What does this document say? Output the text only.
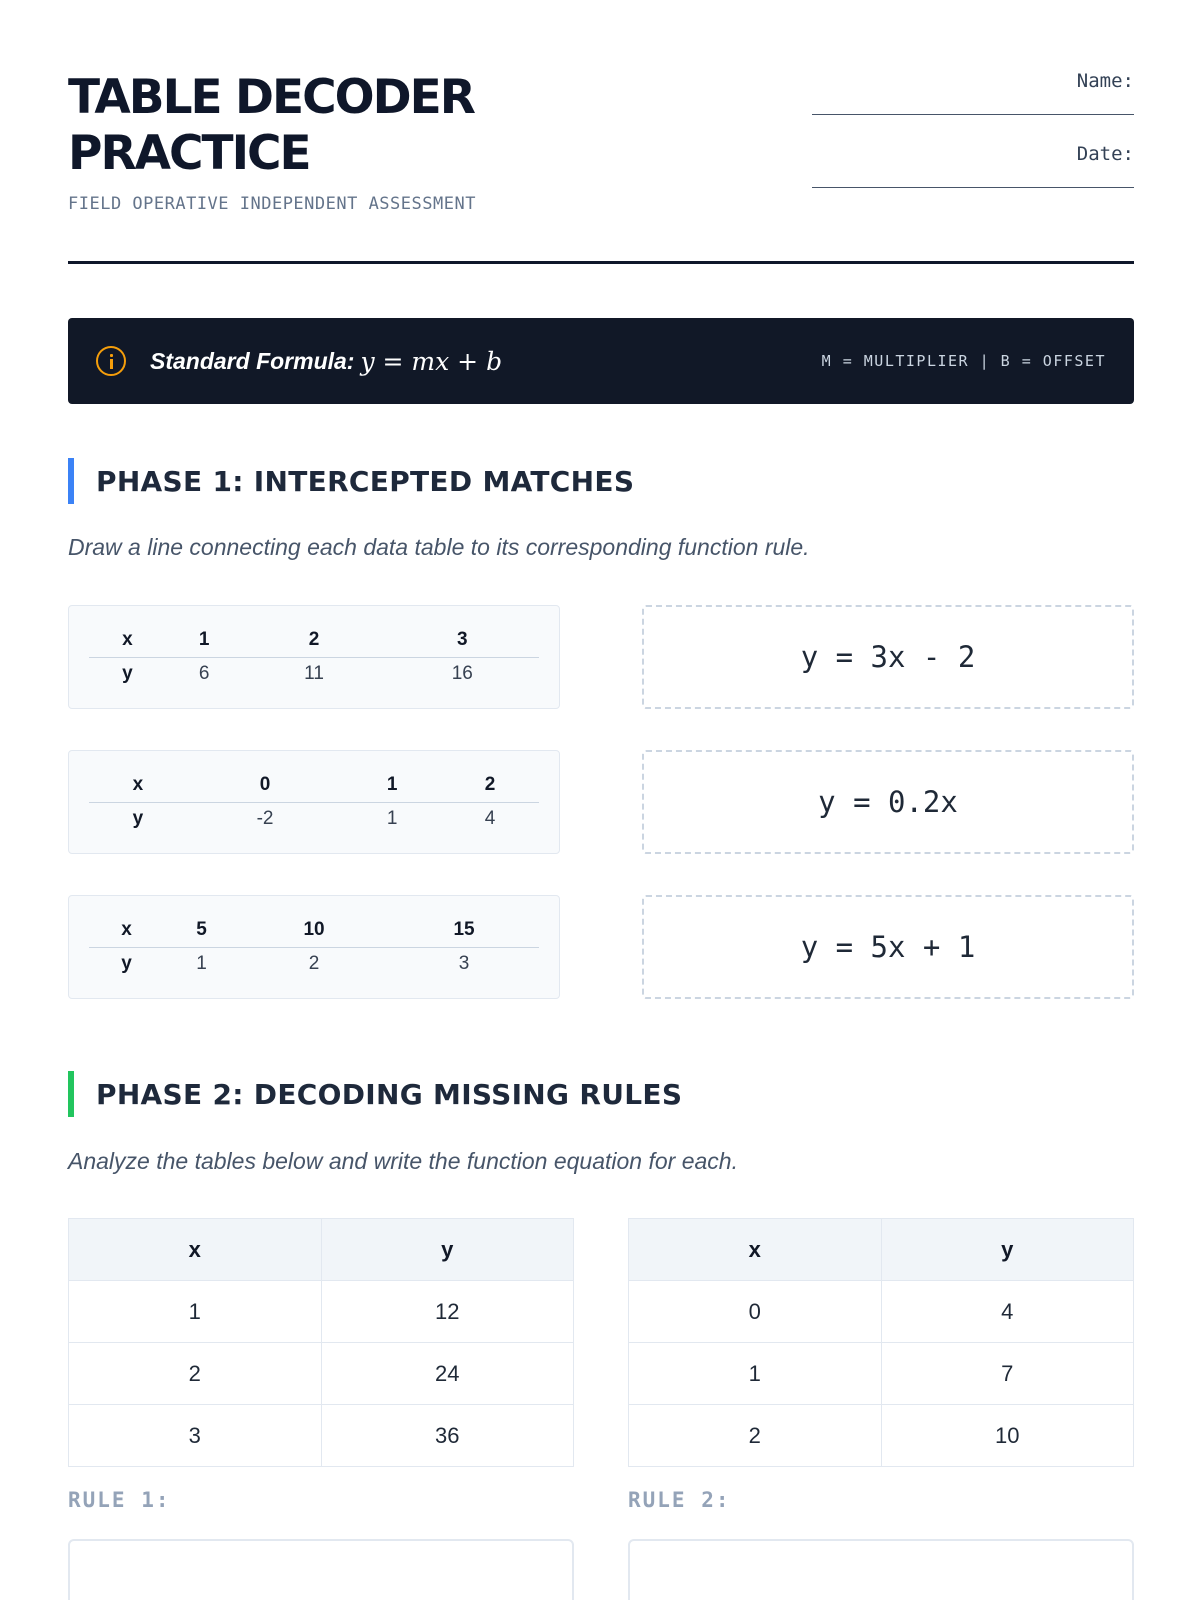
TABLE DECODER PRACTICE
FIELD OPERATIVE INDEPENDENT ASSESSMENT
Name:
Date:
Standard Formula: y = mx + b	M = MULTIPLIER | B = OFFSET
PHASE 1: INTERCEPTED MATCHES
Draw a line connecting each data table to its corresponding function rule.
x	1	2	3
y	6	11	16
x	0	1	2
y	-2	1	4
x	5	10	15
y	1	2	3
y = 3x - 2
y = 0.2x
y = 5x + 1
PHASE 2: DECODING MISSING RULES
Analyze the tables below and write the function equation for each.
x	y
1	12
2	24
3	36
x	y
0	4
1	7
2	10
RULE 1:	RULE 2:
